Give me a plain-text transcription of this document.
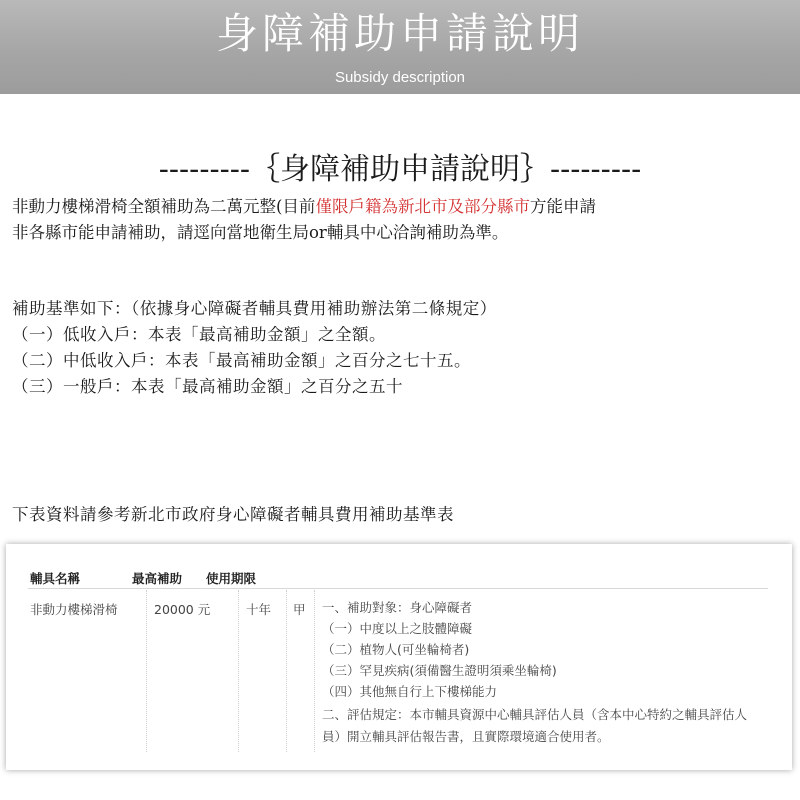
身障補助申請說明
Subsidy description
---------｛身障補助申請說明｝---------
非動力樓梯滑椅全額補助為二萬元整(目前僅限戶籍為新北市及部分縣市方能申請
非各縣市能申請補助，請逕向當地衛生局or輔具中心洽詢補助為準。
補助基準如下：（依據身心障礙者輔具費用補助辦法第二條規定）
（一）低收入戶：本表「最高補助金額」之全額。
（二）中低收入戶：本表「最高補助金額」之百分之七十五。
（三）一般戶：本表「最高補助金額」之百分之五十
下表資料請參考新北市政府身心障礙者輔具費用補助基準表
輔具名稱	最高補助 使用期限
非動力樓梯滑椅	20000 元	十年 甲 一、補助對象：身心障礙者
（一）中度以上之肢體障礙
（二）植物人(可坐輪椅者)
（三）罕見疾病(須備醫生證明須乘坐輪椅)
（四）其他無自行上下樓梯能力
二、評估規定：本市輔具資源中心輔具評估人員（含本中心特約之輔具評估人
員）開立輔具評估報告書，且實際環境適合使用者。
